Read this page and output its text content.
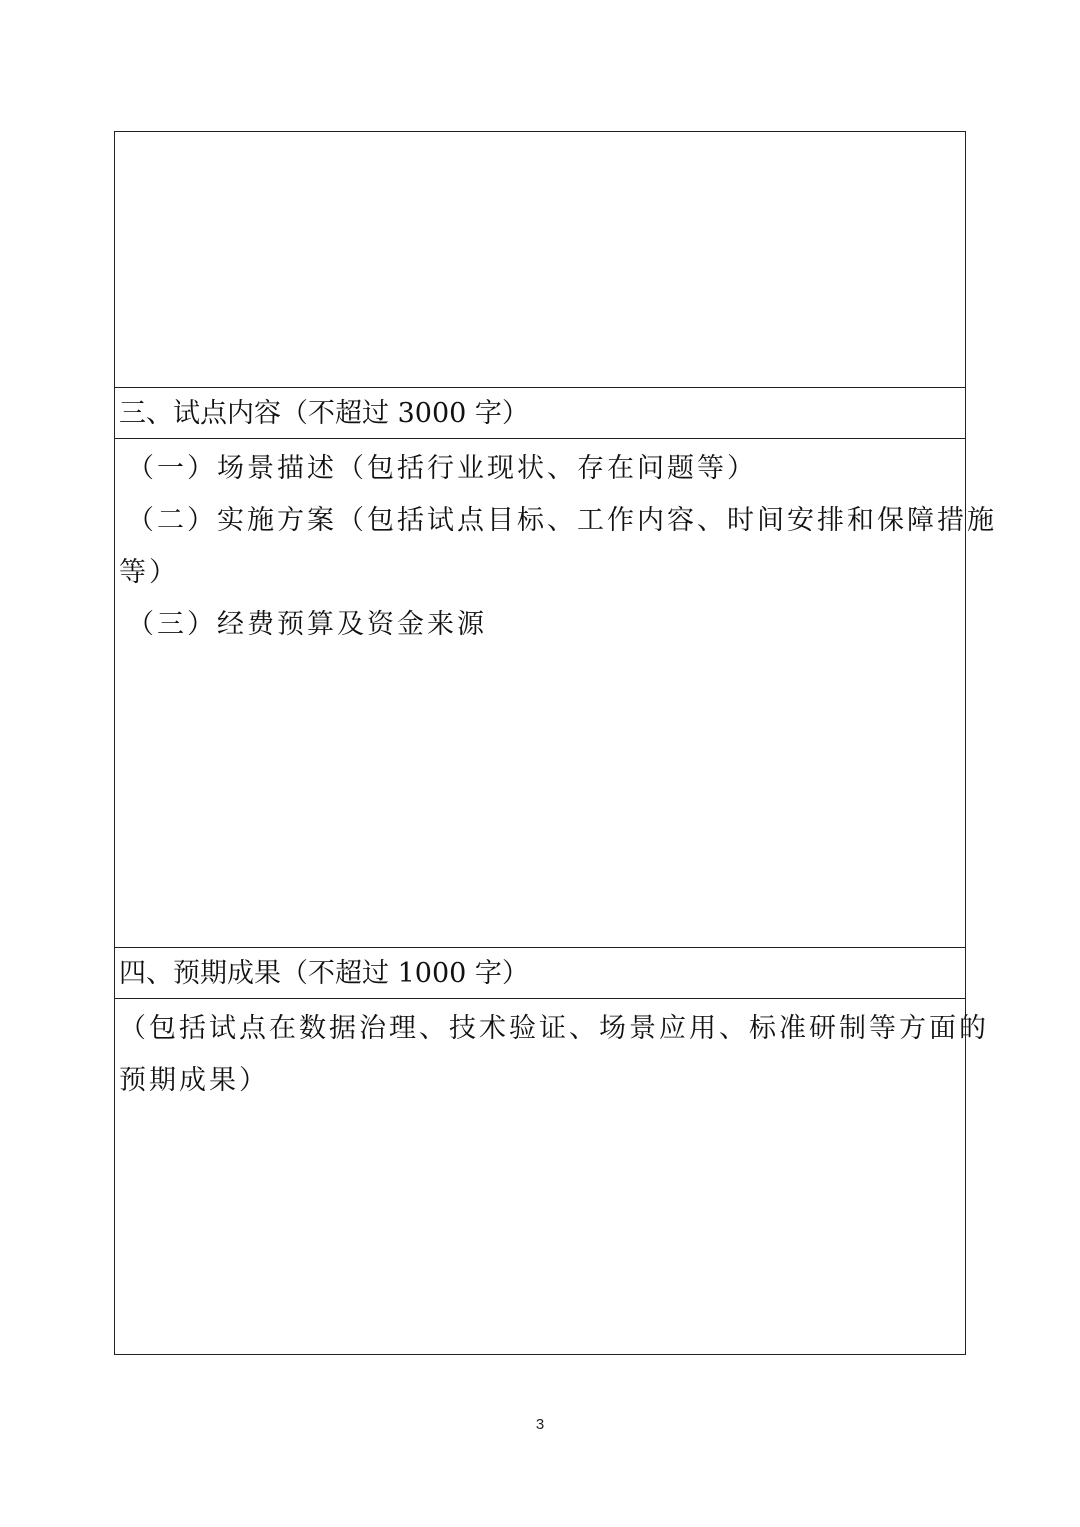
三、试点内容（不超过 3000 字）
（一）场景描述（包括行业现状、存在问题等）
（二）实施方案（包括试点目标、工作内容、时间安排和保障措施
等）
（三）经费预算及资金来源
四、预期成果（不超过 1000 字）
（包括试点在数据治理、技术验证、场景应用、标准研制等方面的
预期成果）
3
